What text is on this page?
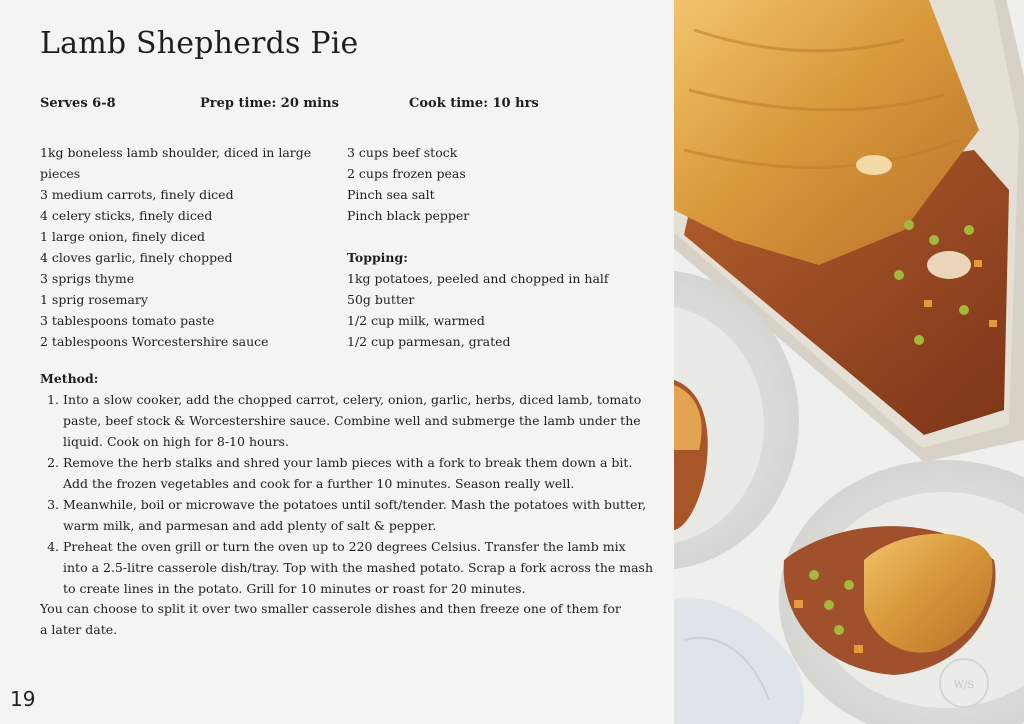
Lamb Shepherds Pie
Serves 6-8	Prep time: 20 mins	Cook time: 10 hrs
1kg boneless lamb shoulder, diced in large pieces
3 medium carrots, finely diced
4 celery sticks, finely diced
1 large onion, finely diced
4 cloves garlic, finely chopped
3 sprigs thyme
1 sprig rosemary
3 tablespoons tomato paste
2 tablespoons Worcestershire sauce
3 cups beef stock
2 cups frozen peas
Pinch sea salt
Pinch black pepper
Topping:
1kg potatoes, peeled and chopped in half
50g butter
1/2 cup milk, warmed
1/2 cup parmesan, grated
Method:
1. Into a slow cooker, add the chopped carrot, celery, onion, garlic, herbs, diced lamb, tomato paste, beef stock & Worcestershire sauce. Combine well and submerge the lamb under the liquid. Cook on high for 8-10 hours.
2. Remove the herb stalks and shred your lamb pieces with a fork to break them down a bit. Add the frozen vegetables and cook for a further 10 minutes. Season really well.
3. Meanwhile, boil or microwave the potatoes until soft/tender. Mash the potatoes with butter, warm milk, and parmesan and add plenty of salt & pepper.
4. Preheat the oven grill or turn the oven up to 220 degrees Celsius. Transfer the lamb mix into a 2.5-litre casserole dish/tray. Top with the mashed potato. Scrap a fork across the mash to create lines in the potato. Grill for 10 minutes or roast for 20 minutes.
You can choose to split it over two smaller casserole dishes and then freeze one of them for a later date.
19
W/S
